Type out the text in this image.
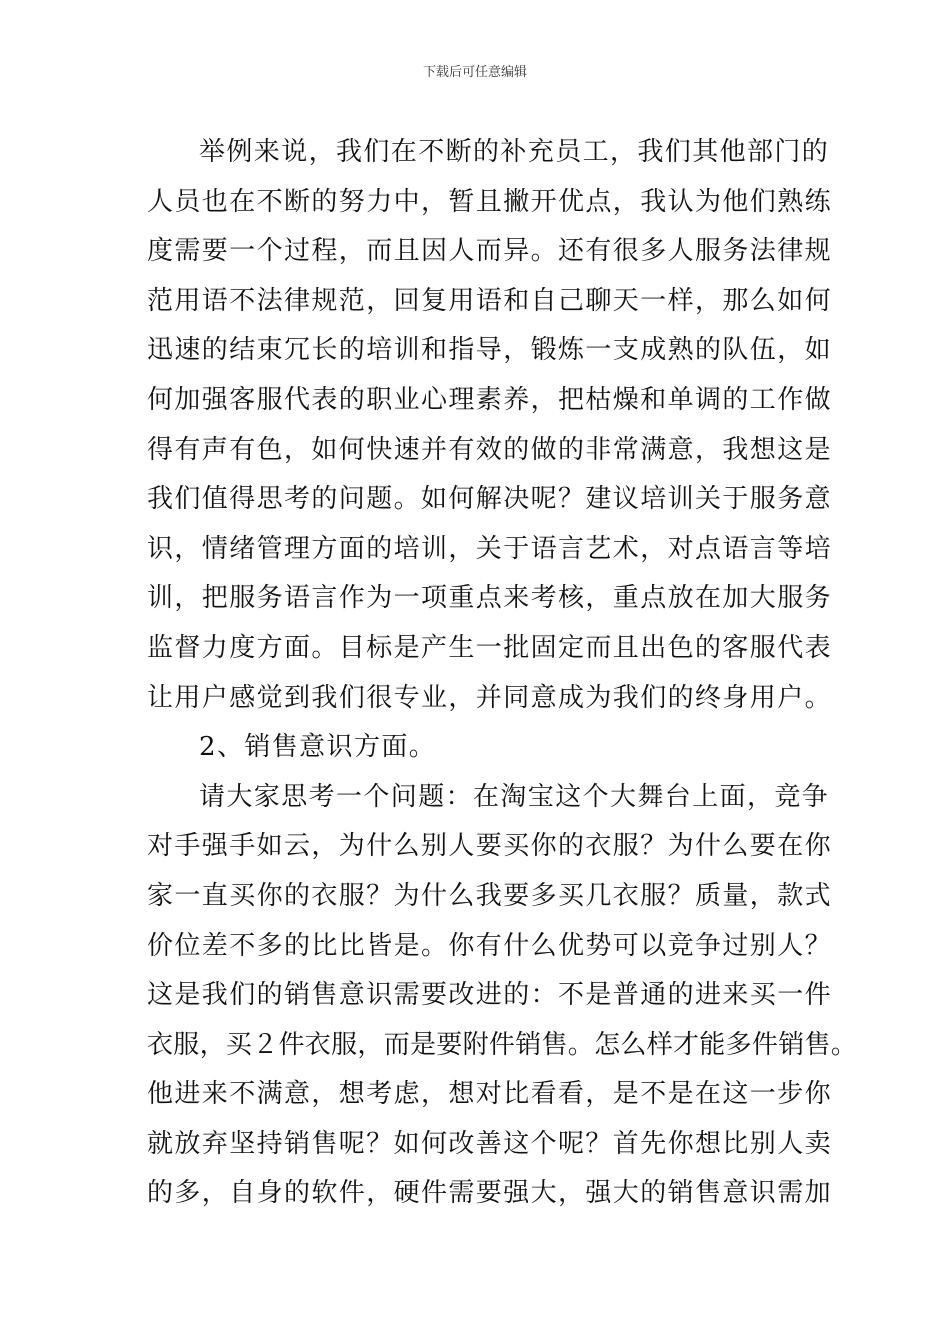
下载后可任意编辑
举例来说，我们在不断的补充员工，我们其他部门的
人员也在不断的努力中，暂且撇开优点，我认为他们熟练
度需要一个过程，而且因人而异。还有很多人服务法律规
范用语不法律规范，回复用语和自己聊天一样，那么如何
迅速的结束冗长的培训和指导，锻炼一支成熟的队伍，如
何加强客服代表的职业心理素养，把枯燥和单调的工作做
得有声有色，如何快速并有效的做的非常满意，我想这是
我们值得思考的问题。如何解决呢？建议培训关于服务意
识，情绪管理方面的培训，关于语言艺术，对点语言等培
训，把服务语言作为一项重点来考核，重点放在加大服务
监督力度方面。目标是产生一批固定而且出色的客服代表
让用户感觉到我们很专业，并同意成为我们的终身用户。
2、销售意识方面。
请大家思考一个问题：在淘宝这个大舞台上面，竞争
对手强手如云，为什么别人要买你的衣服？为什么要在你
家一直买你的衣服？为什么我要多买几衣服？质量，款式
价位差不多的比比皆是。你有什么优势可以竞争过别人？
这是我们的销售意识需要改进的：不是普通的进来买一件
衣服，买２件衣服，而是要附件销售。怎么样才能多件销售。
他进来不满意，想考虑，想对比看看，是不是在这一步你
就放弃坚持销售呢？如何改善这个呢？首先你想比别人卖
的多，自身的软件，硬件需要强大，强大的销售意识需加
